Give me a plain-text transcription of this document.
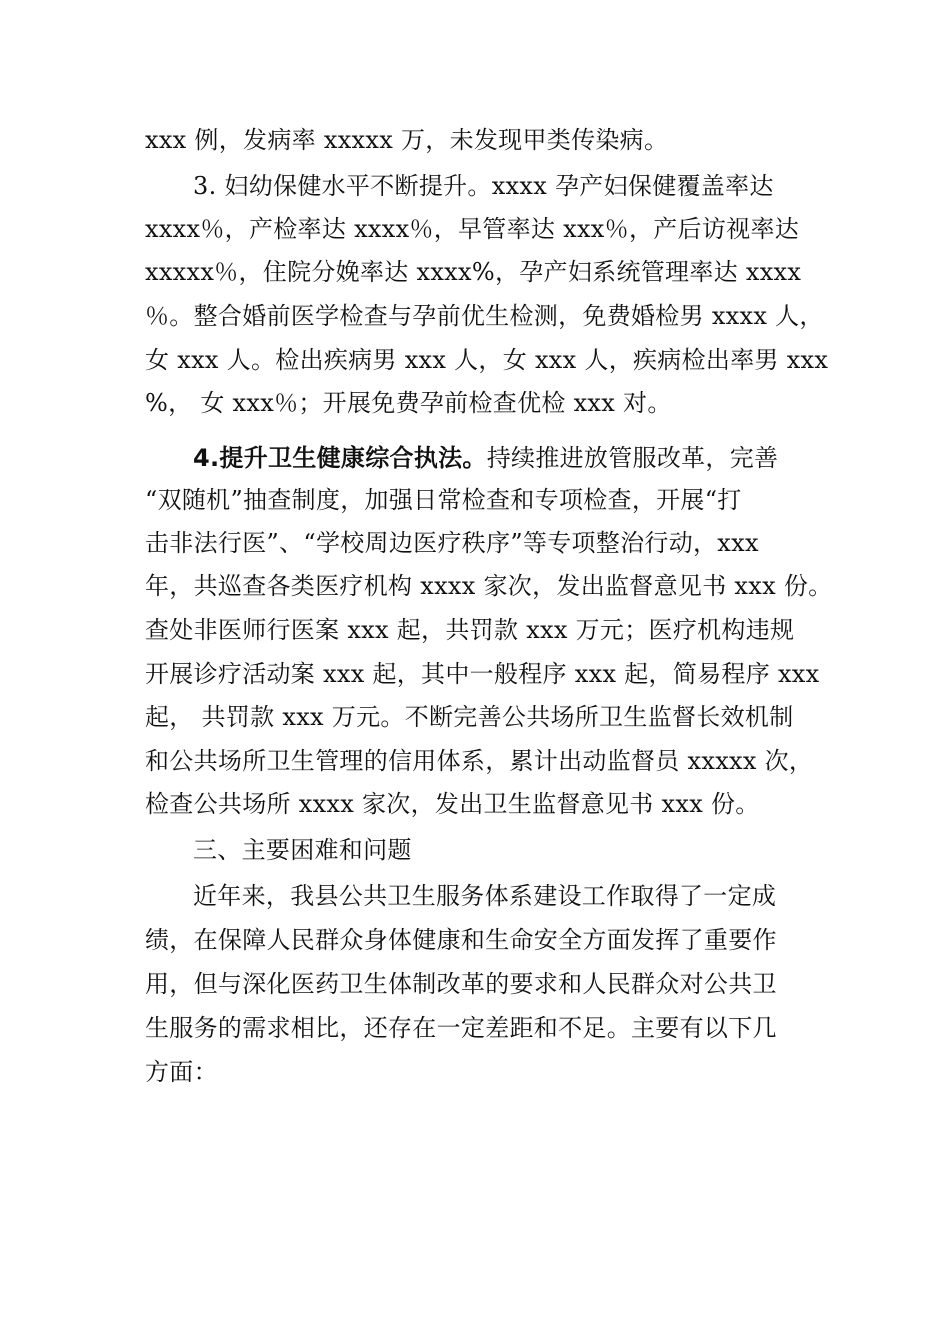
xxx 例，发病率 xxxxx 万，未发现甲类传染病。
3. 妇幼保健水平不断提升。xxxx 孕产妇保健覆盖率达
xxxx％，产检率达 xxxx％，早管率达 xxx％，产后访视率达
xxxxx％，住院分娩率达 xxxx%，孕产妇系统管理率达 xxxx
％。整合婚前医学检查与孕前优生检测，免费婚检男 xxxx 人，
女 xxx 人。检出疾病男 xxx 人，女 xxx 人，疾病检出率男 xxx
%， 女 xxx％；开展免费孕前检查优检 xxx 对。
4.提升卫生健康综合执法。持续推进放管服改革，完善
“双随机”抽查制度，加强日常检查和专项检查，开展“打
击非法行医”、“学校周边医疗秩序”等专项整治行动，xxx
年，共巡查各类医疗机构 xxxx 家次，发出监督意见书 xxx 份。
查处非医师行医案 xxx 起，共罚款 xxx 万元；医疗机构违规
开展诊疗活动案 xxx 起，其中一般程序 xxx 起，简易程序 xxx
起， 共罚款 xxx 万元。不断完善公共场所卫生监督长效机制
和公共场所卫生管理的信用体系，累计出动监督员 xxxxx 次，
检查公共场所 xxxx 家次，发出卫生监督意见书 xxx 份。
三、主要困难和问题
近年来，我县公共卫生服务体系建设工作取得了一定成
绩，在保障人民群众身体健康和生命安全方面发挥了重要作
用，但与深化医药卫生体制改革的要求和人民群众对公共卫
生服务的需求相比，还存在一定差距和不足。主要有以下几
方面：
